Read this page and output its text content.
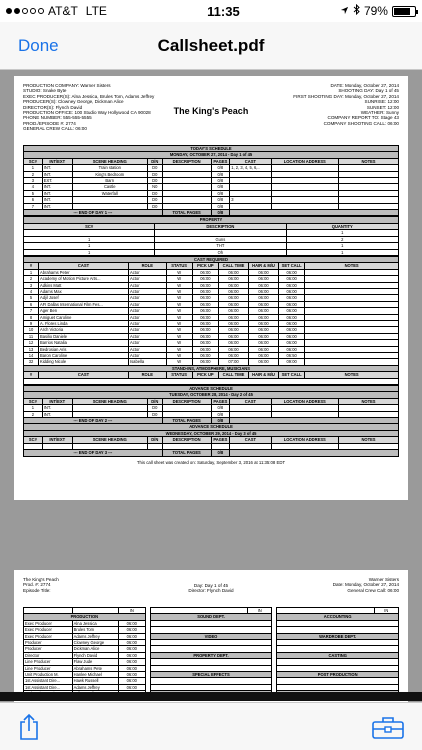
AT&T LTE	11:35	79%
Done	Callsheet.pdf
PRODUCTION COMPANY: Warner Sisters
STUDIO: Snake Byte
EXEC PRODUCER(S): Alna Jessica, Brules Tom, Adams Jeffrey
PRODUCER(S): Clowney George, Dickman Alice
DIRECTOR(S): Flynch David
PRODUCTION OFFICE: 100 Studio Way Hollywood CA 90028
PHONE NUMBER: 555-555-5555
PROD./EPISODE #: 2774
GENERAL CREW CALL: 06:00
DATE: Monday, October 27, 2014
SHOOTING DAY: Day 1 of 45
FIRST SHOOTING DAY: Monday, October 27, 2014
SUNRISE: 12:00
SUNSET: 12:00
WEATHER: Sunny
COMPANY REPORT TO: Stage 43
COMPANY SHOOTING CALL: 06:00
The King's Peach
TODAY'S SCHEDULE								
MONDAY, OCTOBER 27, 2014 - Day 1 of 45								
SC#	INT/EXT	SCENE HEADING	D/N	DESCRIPTION	PAGES	CAST	LOCATION ADDRESS	NOTES
1	INT.	Train station	D0		0/8	1, 2, 3, 4, 5, 6,..		
2	INT.	King's Bedroom	D0		0/8			
3	EXT.	Barn	D0		0/8			
4	INT.	Castle	N0		0/8			
5	INT.	Waterfall	D0		0/8			
6	INT.		D0		0/8	3		
7	INT.		D0		0/8			
--- END OF DAY 1 ---				TOTAL PAGES	0/8			
PROPERTY		
SC#	DESCRIPTION	QUANTITY
		1
1	Guns	2
1	THT	1
1	Oh	1
CAST REQUIRED								
#	CAST	ROLE	STATUS	PICK UP	CALL TIME	HAIR & M/U	SET CALL	NOTES
1	Abrahams Peter	Actor	W	06:00	06:00	06:00	06:00	
2	Academy of Motion Picture Arts...	Actor	W	06:00	06:00	06:00	06:00	
3	Adkins Matt	Actor	W	06:00	06:00	06:00	06:00	
4	Adams Max	Actor	W	06:00	06:00	06:00	06:00	
5	Adjil Josef	Actor	W	06:00	06:00	06:00	06:00	
6	AFI Dallas International Film Fes...	Actor	W	06:00	06:00	06:00	06:00	
7	Ager Ben	Actor	W	06:00	06:00	06:00	06:00	
8	Amiguet Caroline	Actor	W	06:00	06:00	06:00	06:00	
9	A. Flores Linda	Actor	W	06:00	06:00	06:00	06:00	
10	Arch Victoria	Actor	W	06:00	06:00	06:00	06:00	
11	Basilio Daniele	Actor	W	06:00	06:00	06:00	06:00	
12	Barrios Natalia	Actor	W	06:00	06:00	06:00	06:00	
13	Bedrosian Aris	Actor	W	06:00	06:00	06:00	06:00	
14	Baron Caroline	Actor	W	06:00	06:00	06:00	06:50	
32	Kidding Nicole	Isabella	W	06:00	07:00	06:00	09:00	
STAND-INS, ATMOSPHERE, MUSICIANS								
#	CAST	ROLE	STATUS	PICK UP	CALL TIME	HAIR & M/U	SET CALL	NOTES

ADVANCE SCHEDULE								
TUESDAY, OCTOBER 28, 2014 - Day 2 of 45								
SC#	INT/EXT	SCENE HEADING	D/N	DESCRIPTION	PAGES	CAST	LOCATION ADDRESS	NOTES
1	INT.		D0		0/8			
2	INT.		D0		0/8			
--- END OF DAY 2 ---				TOTAL PAGES	0/8			
ADVANCE SCHEDULE								
WEDNESDAY, OCTOBER 29, 2014 - Day 3 of 45								
SC#	INT/EXT	SCENE HEADING	D/N	DESCRIPTION	PAGES	CAST	LOCATION ADDRESS	NOTES

--- END OF DAY 3 ---				TOTAL PAGES	0/8			
This call sheet was created on: Saturday, September 3, 2016 at 11:35:08 EDT
The King's Peach
Prod. #: 2774
Episode Title:
Day: Day 1 of 45
Director: Flynch David
Warner Sisters
Date: Monday, October 27, 2014
General Crew Call: 06:00
		IN
PRODUCTION		
Exec Producer	Alna Jessica	06:00
Exec Producer	Brules Tom	06:00
Exec Producer	Adams Jeffrey	06:00
Producer	Clowney George	06:00
Producer	Dickman Alice	06:00
Director	Flynch David	06:00
Line Producer	Flaw Jude	06:00
Line Producer	Abrahams Pete	06:00
Unit Production M.	Hanlee Michael	06:00
1st Assistant Dire...	Hawk Russell	06:00
1st Assistant Dire...	Adams Jeffrey	06:00

	IN
SOUND DEPT.

VIDEO

PROPERTY DEPT.

SPECIAL EFFECTS

	IN
ACCOUNTING

WARDROBE DEPT.

CASTING

POST PRODUCTION
